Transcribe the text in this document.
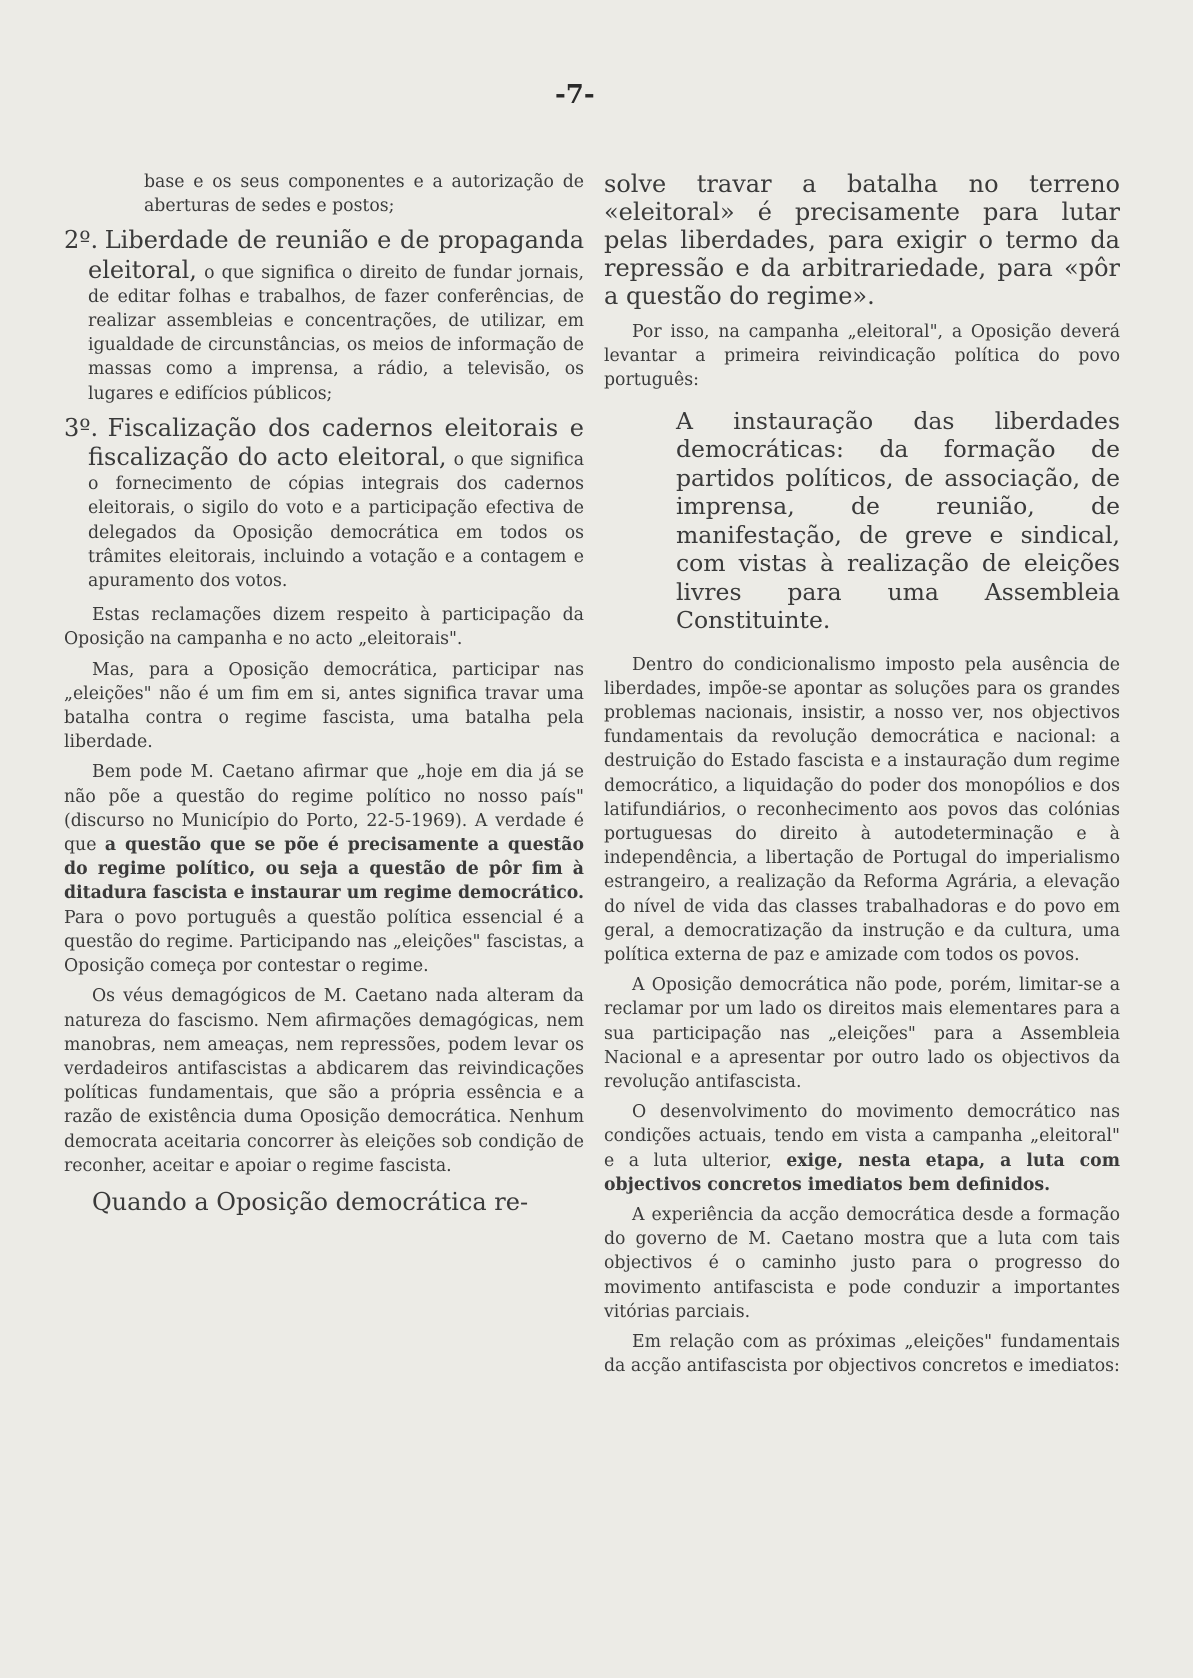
-7-

base e os seus componentes e a autorização de aberturas de sedes e postos;

2º. Liberdade de reunião e de propaganda eleitoral, o que significa o direito de fundar jornais, de editar folhas e trabalhos, de fazer conferências, de realizar assembleias e concentrações, de utilizar, em igualdade de circunstâncias, os meios de informação de massas como a imprensa, a rádio, a televisão, os lugares e edifícios públicos;
3º. Fiscalização dos cadernos eleitorais e fiscalização do acto eleitoral, o que significa o fornecimento de cópias integrais dos cadernos eleitorais, o sigilo do voto e a participação efectiva de delegados da Oposição democrática em todos os trâmites eleitorais, incluindo a votação e a contagem e apuramento dos votos.

Estas reclamações dizem respeito à participação da Oposição na campanha e no acto „eleitorais".

Mas, para a Oposição democrática, participar nas „eleições" não é um fim em si, antes significa travar uma batalha contra o regime fascista, uma batalha pela liberdade.

Bem pode M. Caetano afirmar que „hoje em dia já se não põe a questão do regime político no nosso país" (discurso no Município do Porto, 22-5-1969). A verdade é que a questão que se põe é precisamente a questão do regime político, ou seja a questão de pôr fim à ditadura fascista e instaurar um regime democrático. Para o povo português a questão política essencial é a questão do regime. Participando nas „eleições" fascistas, a Oposição começa por contestar o regime.

Os véus demagógicos de M. Caetano nada alteram da natureza do fascismo. Nem afirmações demagógicas, nem manobras, nem ameaças, nem repressões, podem levar os verdadeiros antifascistas a abdicarem das reivindicações políticas fundamentais, que são a própria essência e a razão de existência duma Oposição democrática. Nenhum democrata aceitaria concorrer às eleições sob condição de reconher, aceitar e apoiar o regime fascista.

Quando a Oposição democrática re-

solve travar a batalha no terreno «eleitoral» é precisamente para lutar pelas liberdades, para exigir o termo da repressão e da arbitrariedade, para «pôr a questão do regime».

Por isso, na campanha „eleitoral", a Oposição deverá levantar a primeira reivindicação política do povo português:

A instauração das liberdades democráticas: da formação de partidos políticos, de associação, de imprensa, de reunião, de manifestação, de greve e sindical, com vistas à realização de eleições livres para uma Assembleia Constituinte.

Dentro do condicionalismo imposto pela ausência de liberdades, impõe-se apontar as soluções para os grandes problemas nacionais, insistir, a nosso ver, nos objectivos fundamentais da revolução democrática e nacional: a destruição do Estado fascista e a instauração dum regime democrático, a liquidação do poder dos monopólios e dos latifundiários, o reconhecimento aos povos das colónias portuguesas do direito à autodeterminação e à independência, a libertação de Portugal do imperialismo estrangeiro, a realização da Reforma Agrária, a elevação do nível de vida das classes trabalhadoras e do povo em geral, a democratização da instrução e da cultura, uma política externa de paz e amizade com todos os povos.

A Oposição democrática não pode, porém, limitar-se a reclamar por um lado os direitos mais elementares para a sua participação nas „eleições" para a Assembleia Nacional e a apresentar por outro lado os objectivos da revolução antifascista.

O desenvolvimento do movimento democrático nas condições actuais, tendo em vista a campanha „eleitoral" e a luta ulterior, exige, nesta etapa, a luta com objectivos concretos imediatos bem definidos.

A experiência da acção democrática desde a formação do governo de M. Caetano mostra que a luta com tais objectivos é o caminho justo para o progresso do movimento antifascista e pode conduzir a importantes vitórias parciais.

Em relação com as próximas „eleições" fundamentais da acção antifascista por objectivos concretos e imediatos:
